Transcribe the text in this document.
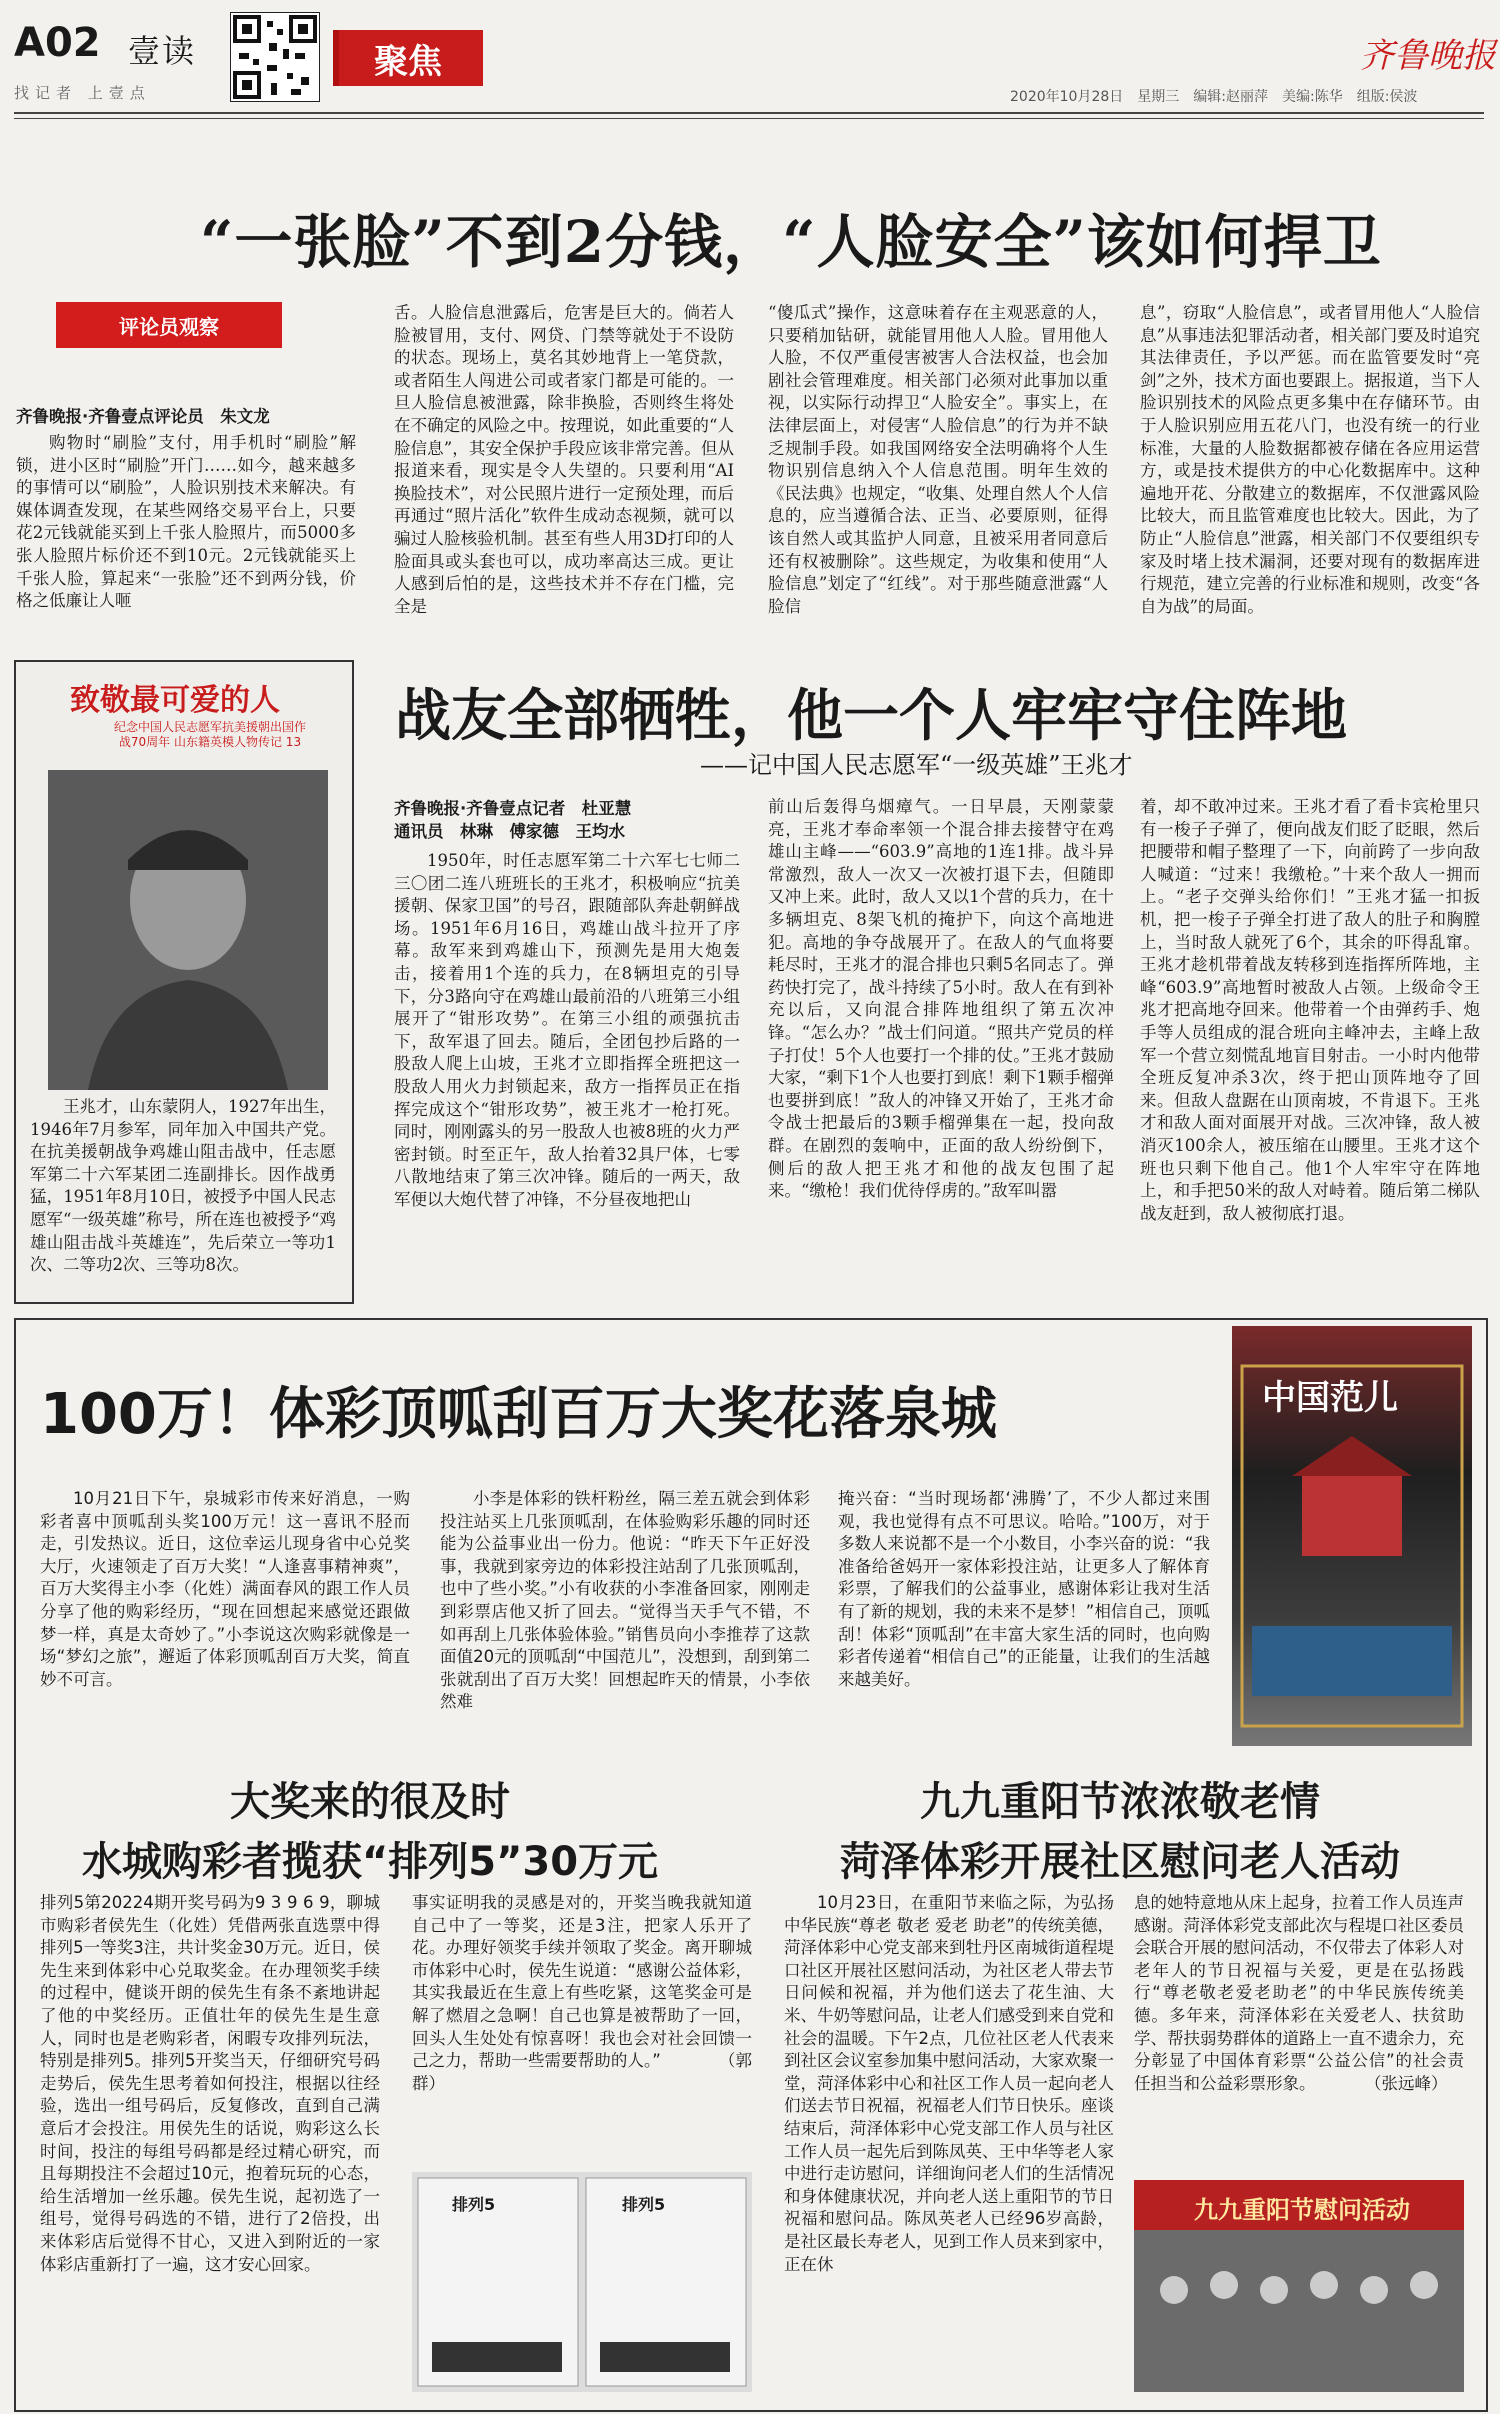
A02 壹读	聚焦	齐鲁晚报
找记者 上壹点	2020年10月28日　星期三　编辑:赵丽萍　美编:陈华　组版:侯波
“一张脸”不到2分钱，“人脸安全”该如何捍卫
评论员观察
齐鲁晚报·齐鲁壹点评论员　朱文龙

购物时“刷脸”支付，用手机时“刷脸”解锁，进小区时“刷脸”开门……如今，越来越多的事情可以“刷脸”，人脸识别技术来解决。有媒体调查发现，在某些网络交易平台上，只要花2元钱就能买到上千张人脸照片，而5000多张人脸照片标价还不到10元。2元钱就能买上千张人脸，算起来“一张脸”还不到两分钱，价格之低廉让人咂

舌。人脸信息泄露后，危害是巨大的。倘若人脸被冒用，支付、网贷、门禁等就处于不设防的状态。现场上，莫名其妙地背上一笔贷款，或者陌生人闯进公司或者家门都是可能的。一旦人脸信息被泄露，除非换脸，否则终生将处在不确定的风险之中。按理说，如此重要的“人脸信息”，其安全保护手段应该非常完善。但从报道来看，现实是令人失望的。只要利用“AI换脸技术”，对公民照片进行一定预处理，而后再通过“照片活化”软件生成动态视频，就可以骗过人脸核验机制。甚至有些人用3D打印的人脸面具或头套也可以，成功率高达三成。更让人感到后怕的是，这些技术并不存在门槛，完全是

“傻瓜式”操作，这意味着存在主观恶意的人，只要稍加钻研，就能冒用他人人脸。冒用他人人脸，不仅严重侵害被害人合法权益，也会加剧社会管理难度。相关部门必须对此事加以重视，以实际行动捍卫“人脸安全”。事实上，在法律层面上，对侵害“人脸信息”的行为并不缺乏规制手段。如我国网络安全法明确将个人生物识别信息纳入个人信息范围。明年生效的《民法典》也规定，“收集、处理自然人个人信息的，应当遵循合法、正当、必要原则，征得该自然人或其监护人同意，且被采用者同意后还有权被删除”。这些规定，为收集和使用“人脸信息”划定了“红线”。对于那些随意泄露“人脸信

息”，窃取“人脸信息”，或者冒用他人“人脸信息”从事违法犯罪活动者，相关部门要及时追究其法律责任，予以严惩。而在监管要发时“亮剑”之外，技术方面也要跟上。据报道，当下人脸识别技术的风险点更多集中在存储环节。由于人脸识别应用五花八门，也没有统一的行业标准，大量的人脸数据都被存储在各应用运营方，或是技术提供方的中心化数据库中。这种遍地开花、分散建立的数据库，不仅泄露风险比较大，而且监管难度也比较大。因此，为了防止“人脸信息”泄露，相关部门不仅要组织专家及时堵上技术漏洞，还要对现有的数据库进行规范，建立完善的行业标准和规则，改变“各自为战”的局面。

致敬最可爱的人
纪念中国人民志愿军抗美援朝出国作战70周年 山东籍英模人物传记 13

王兆才，山东蒙阴人，1927年出生，1946年7月参军，同年加入中国共产党。在抗美援朝战争鸡雄山阻击战中，任志愿军第二十六军某团二连副排长。因作战勇猛，1951年8月10日，被授予中国人民志愿军“一级英雄”称号，所在连也被授予“鸡雄山阻击战斗英雄连”，先后荣立一等功1次、二等功2次、三等功8次。

战友全部牺牲，他一个人牢牢守住阵地
——记中国人民志愿军“一级英雄”王兆才
齐鲁晚报·齐鲁壹点记者　杜亚慧
通讯员　林琳　傅家德　王均水

1950年，时任志愿军第二十六军七七师二三〇团二连八班班长的王兆才，积极响应“抗美援朝、保家卫国”的号召，跟随部队奔赴朝鲜战场。1951年6月16日，鸡雄山战斗拉开了序幕。敌军来到鸡雄山下，预测先是用大炮轰击，接着用1个连的兵力，在8辆坦克的引导下，分3路向守在鸡雄山最前沿的八班第三小组展开了“钳形攻势”。在第三小组的顽强抗击下，敌军退了回去。随后，全团包抄后路的一股敌人爬上山坡，王兆才立即指挥全班把这一股敌人用火力封锁起来，敌方一指挥员正在指挥完成这个“钳形攻势”，被王兆才一枪打死。同时，刚刚露头的另一股敌人也被8班的火力严密封锁。时至正午，敌人抬着32具尸体，七零八散地结束了第三次冲锋。随后的一两天，敌军便以大炮代替了冲锋，不分昼夜地把山

前山后轰得乌烟瘴气。一日早晨，天刚蒙蒙亮，王兆才奉命率领一个混合排去接替守在鸡雄山主峰——“603.9”高地的1连1排。战斗异常激烈，敌人一次又一次被打退下去，但随即又冲上来。此时，敌人又以1个营的兵力，在十多辆坦克、8架飞机的掩护下，向这个高地进犯。高地的争夺战展开了。在敌人的气血将要耗尽时，王兆才的混合排也只剩5名同志了。弹药快打完了，战斗持续了5小时。敌人在有到补充以后，又向混合排阵地组织了第五次冲锋。“怎么办？”战士们问道。“照共产党员的样子打仗！5个人也要打一个排的仗。”王兆才鼓励大家，“剩下1个人也要打到底！剩下1颗手榴弹也要拼到底！”敌人的冲锋又开始了，王兆才命令战士把最后的3颗手榴弹集在一起，投向敌群。在剧烈的轰响中，正面的敌人纷纷倒下，侧后的敌人把王兆才和他的战友包围了起来。“缴枪！我们优待俘虏的。”敌军叫嚣

着，却不敢冲过来。王兆才看了看卡宾枪里只有一梭子子弹了，便向战友们眨了眨眼，然后把腰带和帽子整理了一下，向前跨了一步向敌人喊道：“过来！我缴枪。”十来个敌人一拥而上。“老子交弹头给你们！”王兆才猛一扣扳机，把一梭子子弹全打进了敌人的肚子和胸膛上，当时敌人就死了6个，其余的吓得乱窜。王兆才趁机带着战友转移到连指挥所阵地，主峰“603.9”高地暂时被敌人占领。上级命令王兆才把高地夺回来。他带着一个由弹药手、炮手等人员组成的混合班向主峰冲去，主峰上敌军一个营立刻慌乱地盲目射击。一小时内他带全班反复冲杀3次，终于把山顶阵地夺了回来。但敌人盘踞在山顶南坡，不肯退下。王兆才和敌人面对面展开对战。三次冲锋，敌人被消灭100余人，被压缩在山腰里。王兆才这个班也只剩下他自己。他1个人牢牢守在阵地上，和手把50米的敌人对峙着。随后第二梯队战友赶到，敌人被彻底打退。

100万！体彩顶呱刮百万大奖花落泉城	中国范儿

10月21日下午，泉城彩市传来好消息，一购彩者喜中顶呱刮头奖100万元！这一喜讯不胫而走，引发热议。近日，这位幸运儿现身省中心兑奖大厅，火速领走了百万大奖！“人逢喜事精神爽”，百万大奖得主小李（化姓）满面春风的跟工作人员分享了他的购彩经历，“现在回想起来感觉还跟做梦一样，真是太奇妙了。”小李说这次购彩就像是一场“梦幻之旅”，邂逅了体彩顶呱刮百万大奖，简直妙不可言。

小李是体彩的铁杆粉丝，隔三差五就会到体彩投注站买上几张顶呱刮，在体验购彩乐趣的同时还能为公益事业出一份力。他说：“昨天下午正好没事，我就到家旁边的体彩投注站刮了几张顶呱刮，也中了些小奖。”小有收获的小李准备回家，刚刚走到彩票店他又折了回去。“觉得当天手气不错，不如再刮上几张体验体验。”销售员向小李推荐了这款面值20元的顶呱刮“中国范儿”，没想到，刮到第二张就刮出了百万大奖！回想起昨天的情景，小李依然难

掩兴奋：“当时现场都‘沸腾’了，不少人都过来围观，我也觉得有点不可思议。哈哈。”100万，对于多数人来说都不是一个小数目，小李兴奋的说：“我准备给爸妈开一家体彩投注站，让更多人了解体育彩票，了解我们的公益事业，感谢体彩让我对生活有了新的规划，我的未来不是梦！”相信自己，顶呱刮！体彩“顶呱刮”在丰富大家生活的同时，也向购彩者传递着“相信自己”的正能量，让我们的生活越来越美好。

大奖来的很及时
水城购彩者揽获“排列5”30万元

排列5第20224期开奖号码为9 3 9 6 9，聊城市购彩者侯先生（化姓）凭借两张直选票中得排列5一等奖3注，共计奖金30万元。近日，侯先生来到体彩中心兑取奖金。在办理领奖手续的过程中，健谈开朗的侯先生有条不紊地讲起了他的中奖经历。正值壮年的侯先生是生意人，同时也是老购彩者，闲暇专攻排列玩法，特别是排列5。排列5开奖当天，仔细研究号码走势后，侯先生思考着如何投注，根据以往经验，选出一组号码后，反复修改，直到自己满意后才会投注。用侯先生的话说，购彩这么长时间，投注的每组号码都是经过精心研究，而且每期投注不会超过10元，抱着玩玩的心态，给生活增加一丝乐趣。侯先生说，起初选了一组号，觉得号码选的不错，进行了2倍投，出来体彩店后觉得不甘心，又进入到附近的一家体彩店重新打了一遍，这才安心回家。

事实证明我的灵感是对的，开奖当晚我就知道自己中了一等奖，还是3注，把家人乐开了花。办理好领奖手续并领取了奖金。离开聊城市体彩中心时，侯先生说道：“感谢公益体彩，其实我最近在生意上有些吃紧，这笔奖金可是解了燃眉之急啊！自己也算是被帮助了一回，回头人生处处有惊喜呀！我也会对社会回馈一己之力，帮助一些需要帮助的人。”　　　　（郭群）

排列5	排列5
九九重阳节浓浓敬老情
菏泽体彩开展社区慰问老人活动

10月23日，在重阳节来临之际，为弘扬中华民族“尊老 敬老 爱老 助老”的传统美德，菏泽体彩中心党支部来到牡丹区南城街道程堤口社区开展社区慰问活动，为社区老人带去节日问候和祝福，并为他们送去了花生油、大米、牛奶等慰问品，让老人们感受到来自党和社会的温暖。下午2点，几位社区老人代表来到社区会议室参加集中慰问活动，大家欢聚一堂，菏泽体彩中心和社区工作人员一起向老人们送去节日祝福，祝福老人们节日快乐。座谈结束后，菏泽体彩中心党支部工作人员与社区工作人员一起先后到陈凤英、王中华等老人家中进行走访慰问，详细询问老人们的生活情况和身体健康状况，并向老人送上重阳节的节日祝福和慰问品。陈凤英老人已经96岁高龄，是社区最长寿老人，见到工作人员来到家中，正在休

息的她特意地从床上起身，拉着工作人员连声感谢。菏泽体彩党支部此次与程堤口社区委员会联合开展的慰问活动，不仅带去了体彩人对老年人的节日祝福与关爱，更是在弘扬践行“尊老敬老爱老助老”的中华民族传统美德。多年来，菏泽体彩在关爱老人、扶贫助学、帮扶弱势群体的道路上一直不遗余力，充分彰显了中国体育彩票“公益公信”的社会责任担当和公益彩票形象。　　　　（张远峰）

九九重阳节慰问活动
